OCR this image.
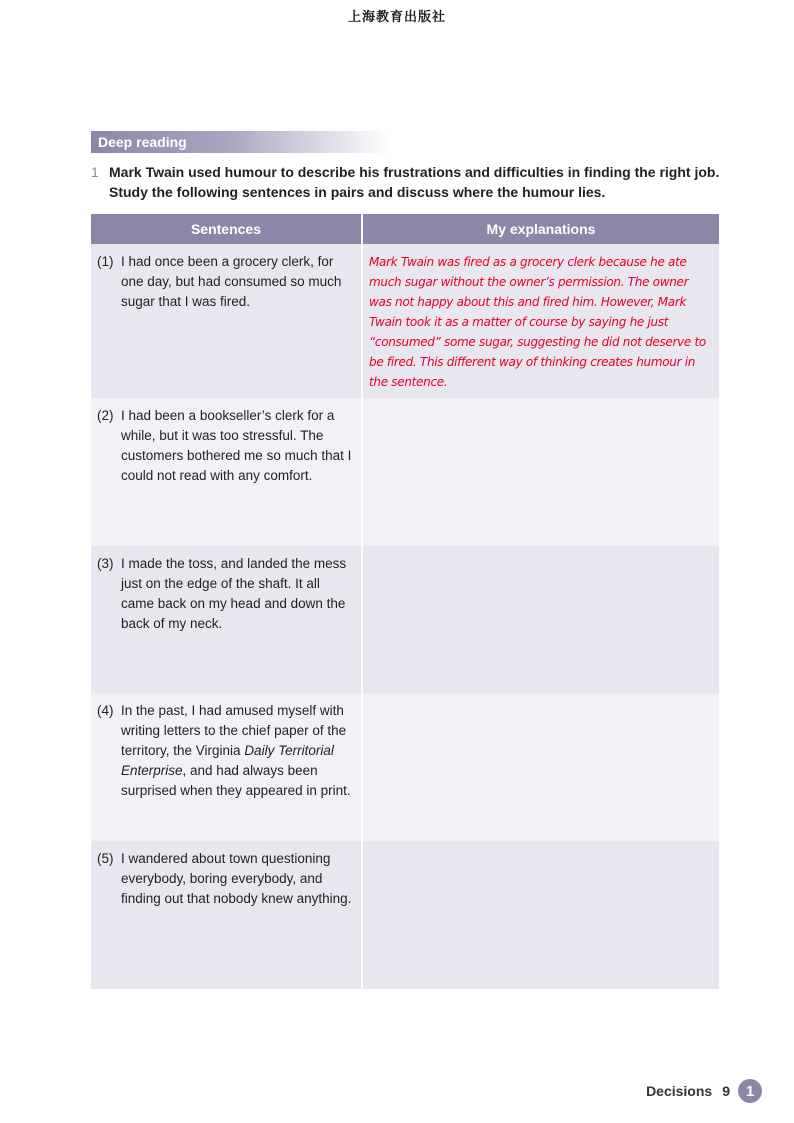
上海教育出版社
Deep reading
1 Mark Twain used humour to describe his frustrations and difficulties in finding the right job. Study the following sentences in pairs and discuss where the humour lies.
Sentences	My explanations

(1) I had once been a grocery clerk, for one day, but had consumed so much sugar that I was fired.	Mark Twain was fired as a grocery clerk because he ate much sugar without the owner’s permission. The owner was not happy about this and fired him. However, Mark Twain took it as a matter of course by saying he just “consumed” some sugar, suggesting he did not deserve to be fired. This different way of thinking creates humour in the sentence.

(2) I had been a bookseller’s clerk for a while, but it was too stressful. The customers bothered me so much that I could not read with any comfort.	

(3) I made the toss, and landed the mess just on the edge of the shaft. It all came back on my head and down the back of my neck.	

(4) In the past, I had amused myself with writing letters to the chief paper of the territory, the Virginia Daily Territorial Enterprise, and had always been surprised when they appeared in print.	

(5) I wandered about town questioning everybody, boring everybody, and finding out that nobody knew anything.	

Decisions 9	1
